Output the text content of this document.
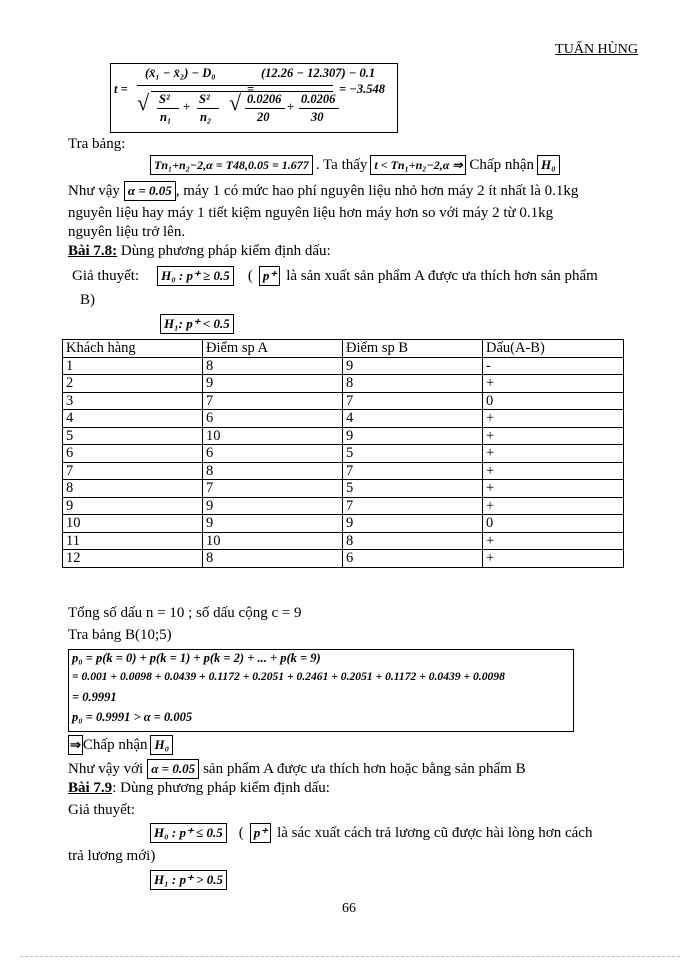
TUẤN HÙNG
t =
(x̄₁ − x̄₂) − D₀
√ S²
n₁
+
S²
n₂
=
(12.26 − 12.307) − 0.1
√ 0.0206
20
+
0.0206
30
= −3.548
Tra bảng:
Tn₁+n₂−2,α = T48,0.05 = 1.677 . Ta thấy t < Tn₁+n₂−2,α ⇒ Chấp nhận H₀
Như vậy α = 0.05 , máy 1 có mức hao phí nguyên liệu nhỏ hơn máy 2 ít nhất là 0.1kg
nguyên liệu hay máy 1 tiết kiệm nguyên liệu hơn máy hơn so với máy 2 từ 0.1kg
nguyên liệu trở lên.
Bài 7.8: Dùng phương pháp kiểm định dấu:
Giả thuyết:	H₀ : p⁺ ≥ 0.5 ( p⁺ là sản xuất sản phẩm A được ưa thích hơn sản phẩm
B)
H₁: p⁺ < 0.5
Khách hàng	Điểm sp A	Điểm sp B	Dấu(A-B)
1	8	9	-
2	9	8	+
3	7	7	0
4	6	4	+
5	10	9	+
6	6	5	+
7	8	7	+
8	7	5	+
9	9	7	+
10	9	9	0
11	10	8	+
12	8	6	+
Tổng số dấu n = 10 ; số dấu cộng c = 9
Tra bảng B(10;5)
p₀ = p(k = 0) + p(k = 1) + p(k = 2) + ... + p(k = 9)
= 0.001 + 0.0098 + 0.0439 + 0.1172 + 0.2051 + 0.2461 + 0.2051 + 0.1172 + 0.0439 + 0.0098
= 0.9991
p₀ = 0.9991 > α = 0.005
⇒ Chấp nhận H₀
Như vậy với α = 0.05 sản phẩm A được ưa thích hơn hoặc bằng sản phẩm B
Bài 7.9: Dùng phương pháp kiểm định dấu:
Giả thuyết:
H₀ : p⁺ ≤ 0.5 ( p⁺ là sác xuất cách trả lương cũ được hài lòng hơn cách
trả lương mới)
H₁ : p⁺ > 0.5
66
